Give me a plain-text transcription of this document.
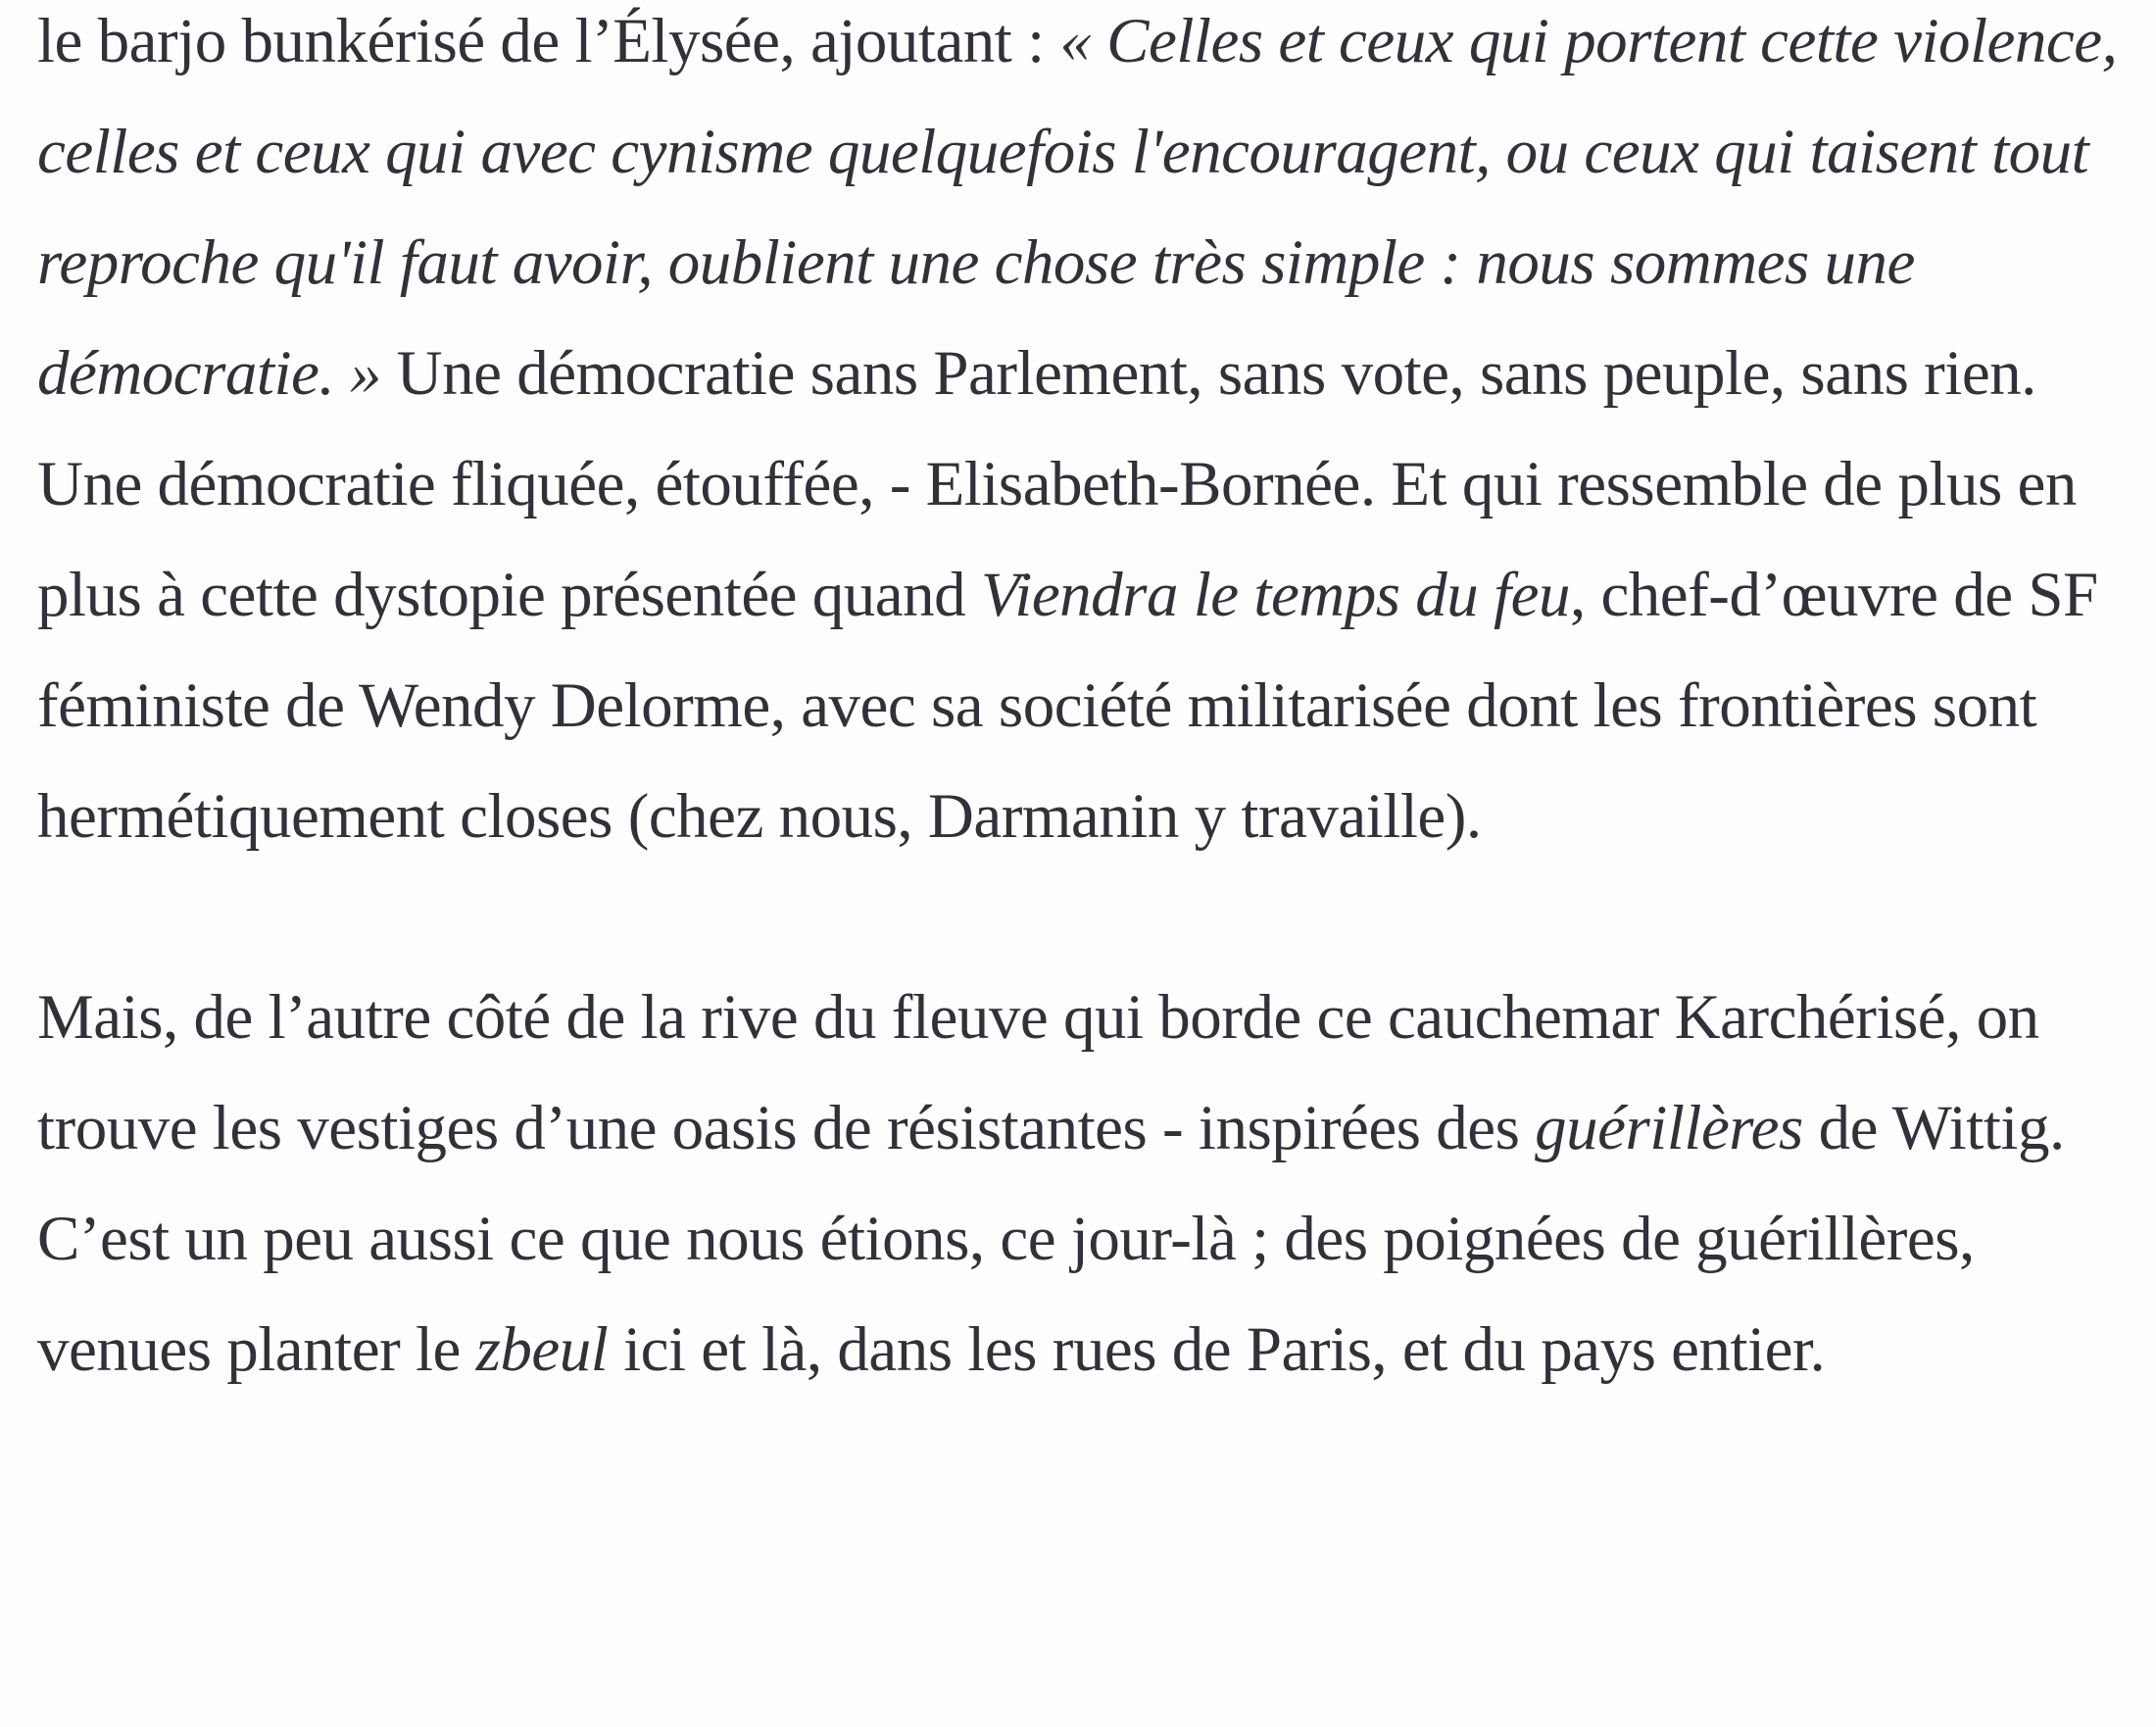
le barjo bunkérisé de l’Élysée, ajoutant : « Celles et ceux qui portent cette violence, celles et ceux qui avec cynisme quelquefois l'encouragent, ou ceux qui taisent tout reproche qu'il faut avoir, oublient une chose très simple : nous sommes une démocratie. » Une démocratie sans Parlement, sans vote, sans peuple, sans rien. Une démocratie fliquée, étouffée, - Elisabeth-Bornée. Et qui ressemble de plus en plus à cette dystopie présentée quand Viendra le temps du feu, chef-d’œuvre de SF féministe de Wendy Delorme, avec sa société militarisée dont les frontières sont hermétiquement closes (chez nous, Darmanin y travaille).

Mais, de l’autre côté de la rive du fleuve qui borde ce cauchemar Karchérisé, on trouve les vestiges d’une oasis de résistantes - inspirées des guérillères de Wittig. C’est un peu aussi ce que nous étions, ce jour-là ; des poignées de guérillères, venues planter le zbeul ici et là, dans les rues de Paris, et du pays entier.
